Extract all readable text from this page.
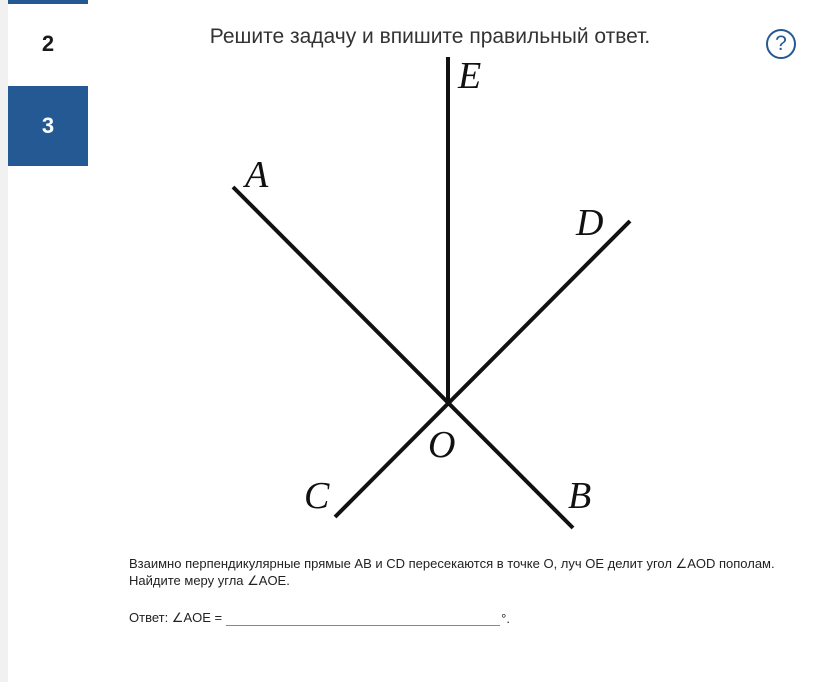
2
3
Решите задачу и впишите правильный ответ.	?
E
A
D
O
C	B
Взаимно перпендикулярные прямые AB и CD пересекаются в точке O, луч OE делит угол ∠AOD пополам.
Найдите меру угла ∠AOE.
Ответ: ∠AOE =	°.
